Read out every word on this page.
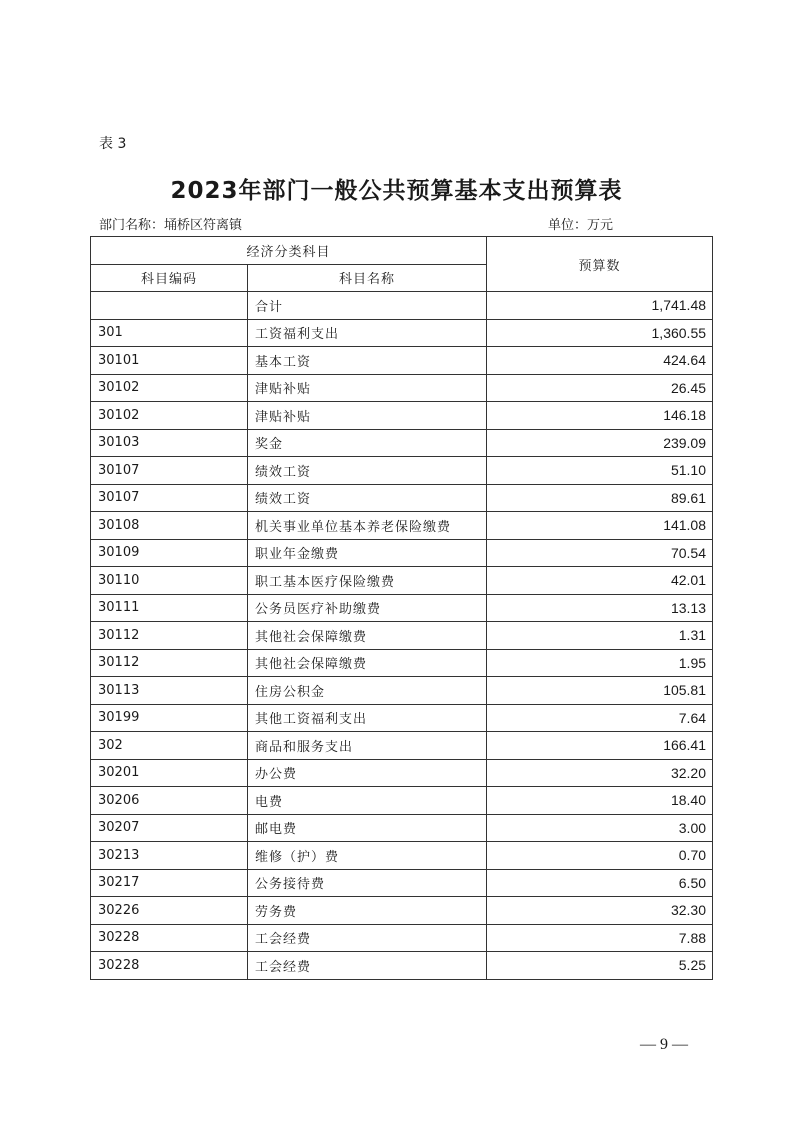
表 3
2023年部门一般公共预算基本支出预算表
部门名称：埇桥区符离镇	单位：万元
经济分类科目		预算数
科目编码	科目名称	
	合计	1,741.48
301	工资福利支出	1,360.55
30101	基本工资	424.64
30102	津贴补贴	26.45
30102	津贴补贴	146.18
30103	奖金	239.09
30107	绩效工资	51.10
30107	绩效工资	89.61
30108	机关事业单位基本养老保险缴费	141.08
30109	职业年金缴费	70.54
30110	职工基本医疗保险缴费	42.01
30111	公务员医疗补助缴费	13.13
30112	其他社会保障缴费	1.31
30112	其他社会保障缴费	1.95
30113	住房公积金	105.81
30199	其他工资福利支出	7.64
302	商品和服务支出	166.41
30201	办公费	32.20
30206	电费	18.40
30207	邮电费	3.00
30213	维修（护）费	0.70
30217	公务接待费	6.50
30226	劳务费	32.30
30228	工会经费	7.88
30228	工会经费	5.25
— 9 —
